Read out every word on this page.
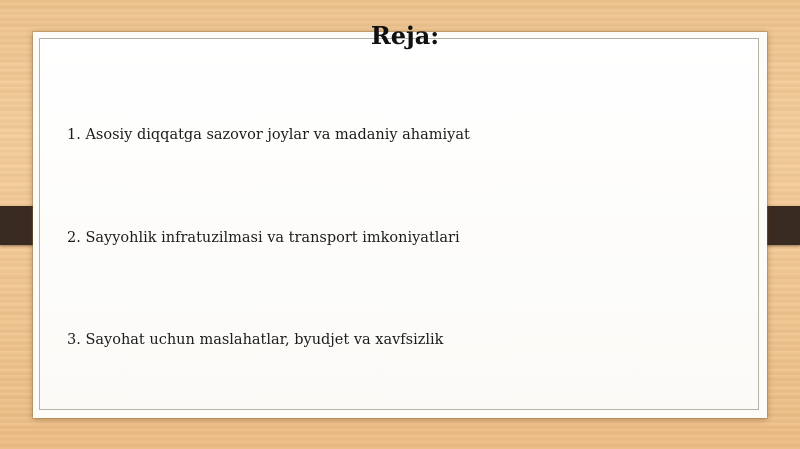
Reja:
1. Asosiy diqqatga sazovor joylar va madaniy ahamiyat
2. Sayyohlik infratuzilmasi va transport imkoniyatlari
3. Sayohat uchun maslahatlar, byudjet va xavfsizlik
